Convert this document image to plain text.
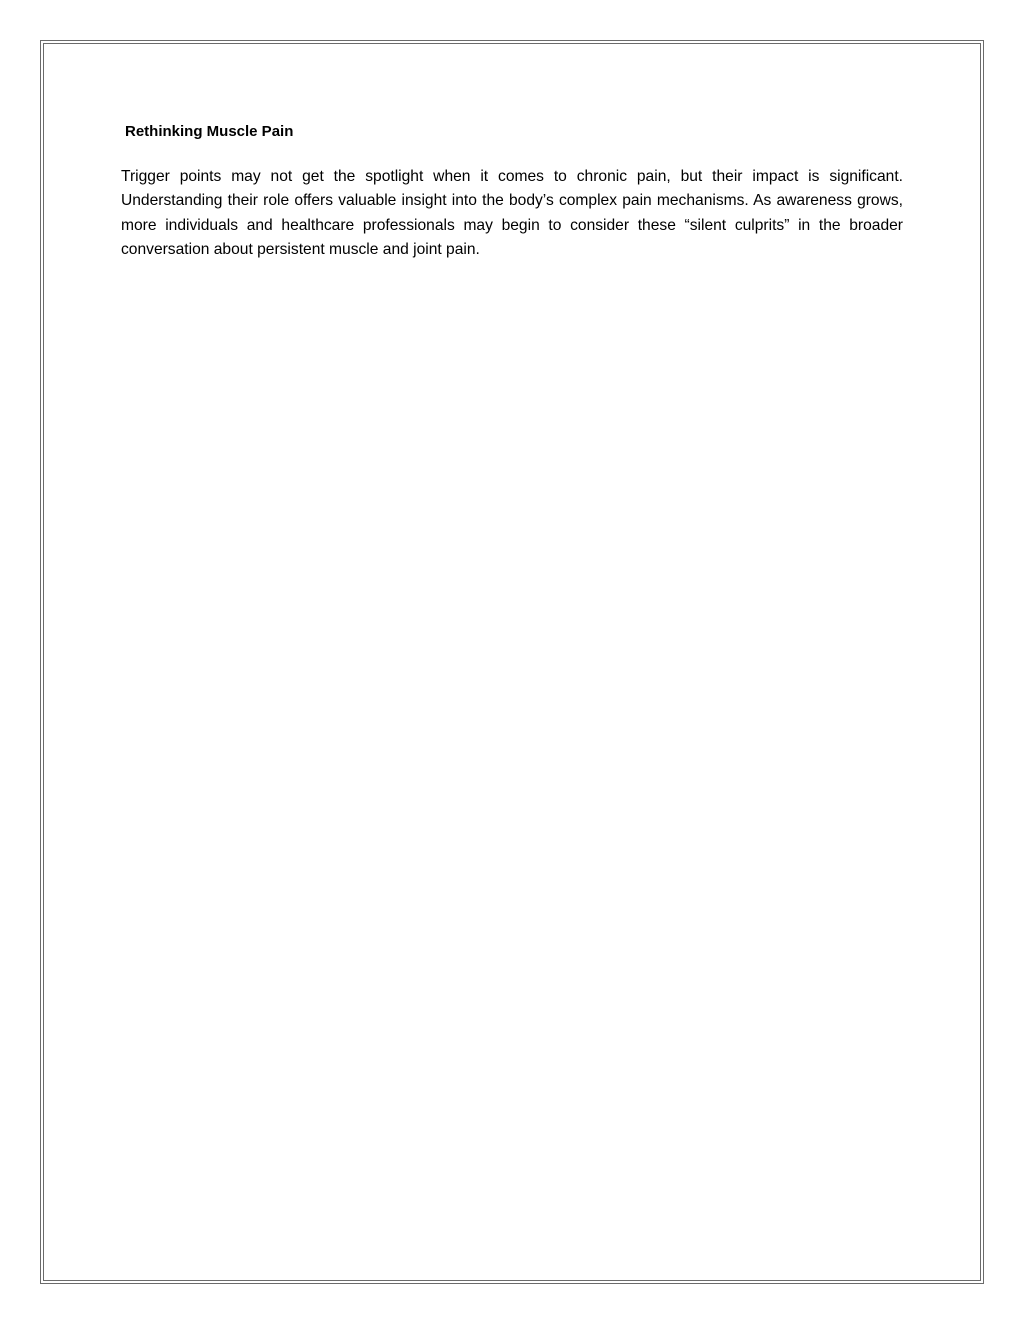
Rethinking Muscle Pain

Trigger points may not get the spotlight when it comes to chronic pain, but their impact is significant. Understanding their role offers valuable insight into the body’s complex pain mechanisms. As awareness grows, more individuals and healthcare professionals may begin to consider these “silent culprits” in the broader conversation about persistent muscle and joint pain.
